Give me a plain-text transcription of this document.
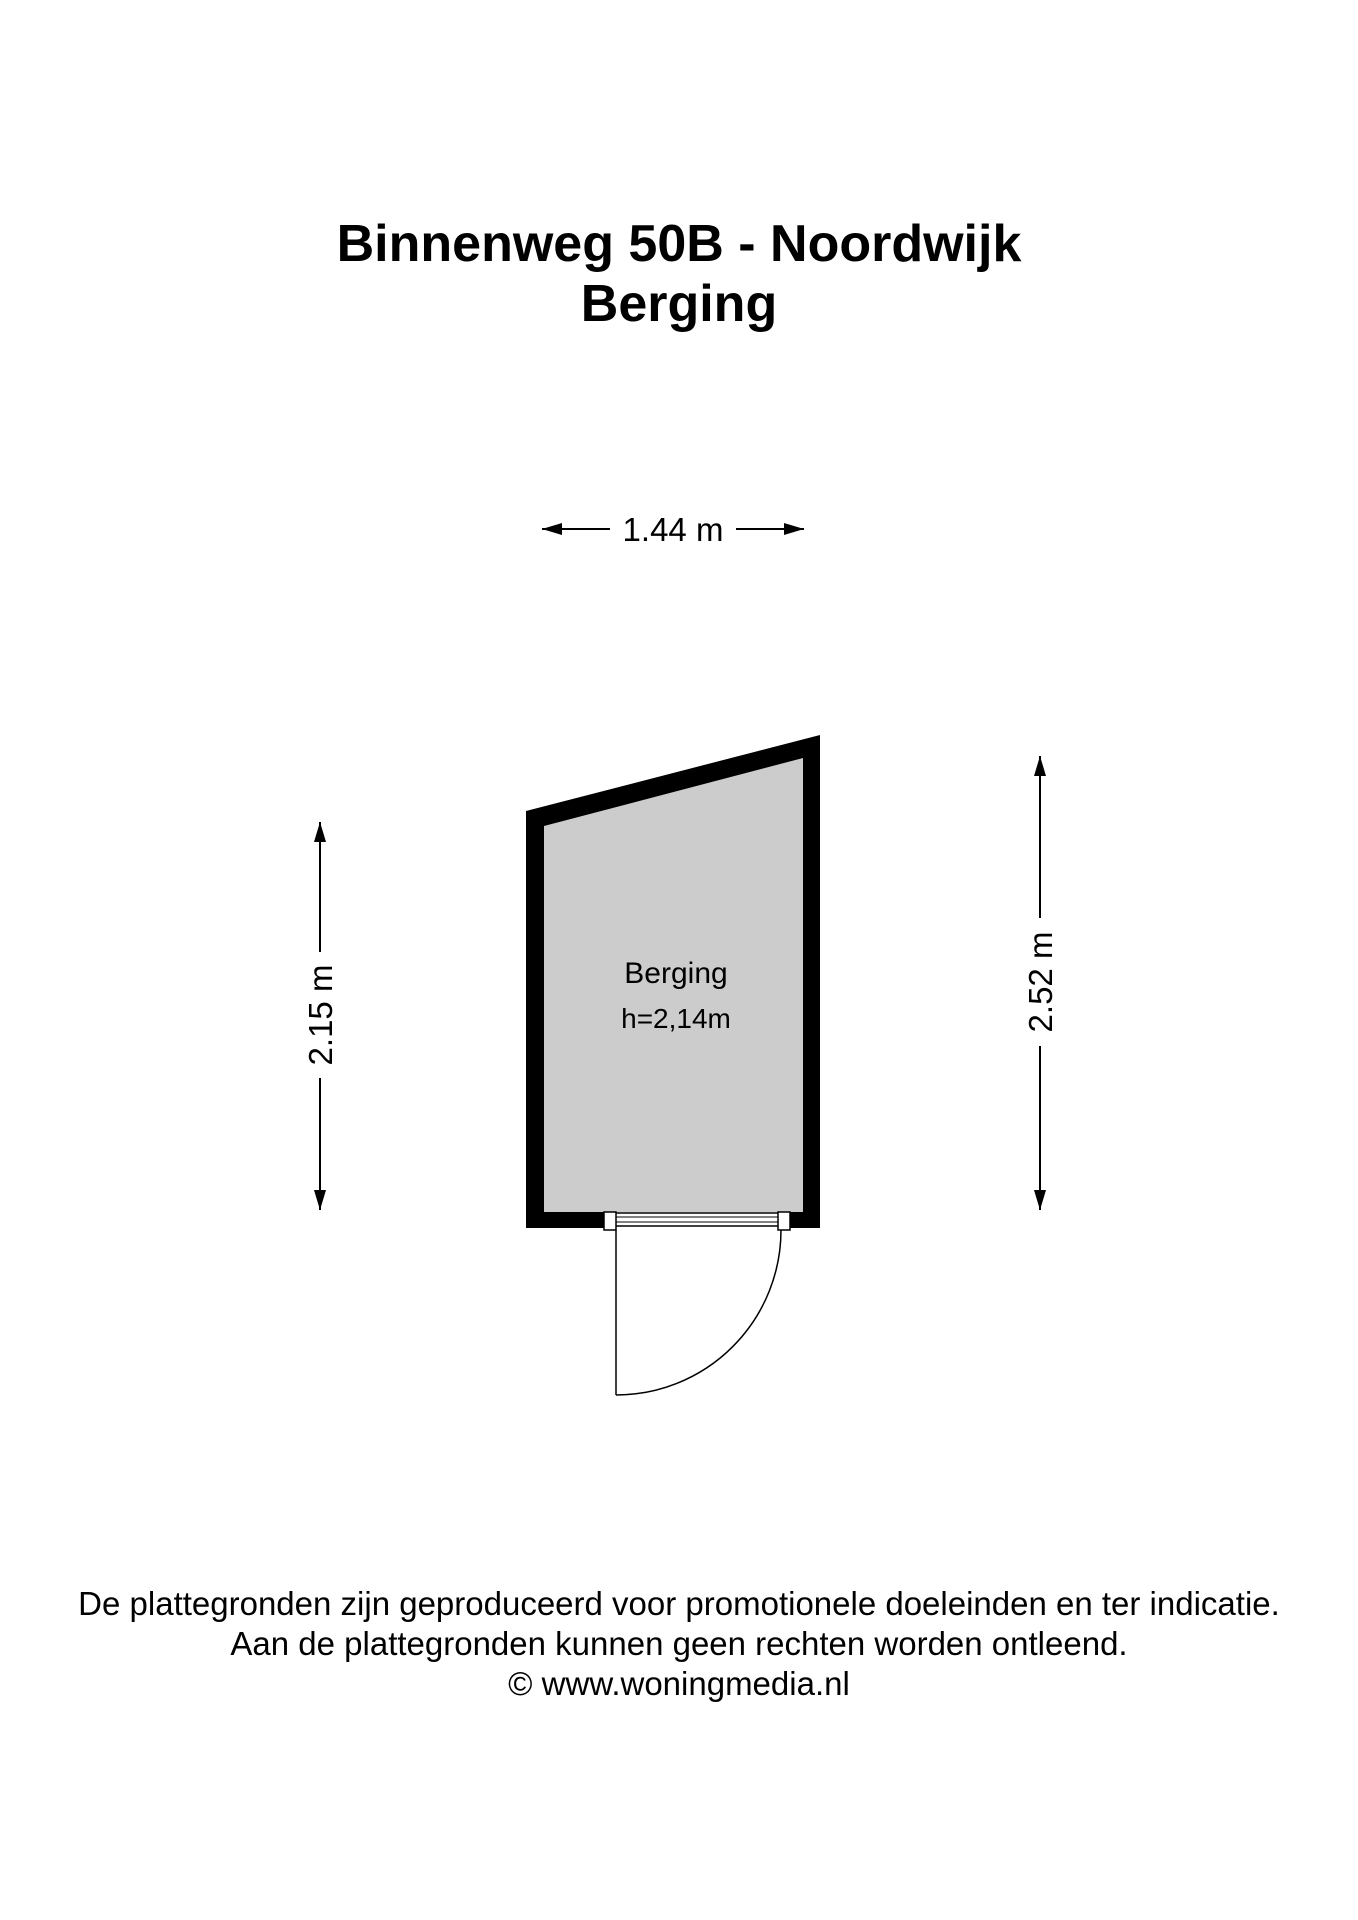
Binnenweg 50B - Noordwijk
Berging
1.44 m
2.15 m	2.52 m
Berging
h=2,14m

De plattegronden zijn geproduceerd voor promotionele doeleinden en ter indicatie.

Aan de plattegronden kunnen geen rechten worden ontleend.

© www.woningmedia.nl
